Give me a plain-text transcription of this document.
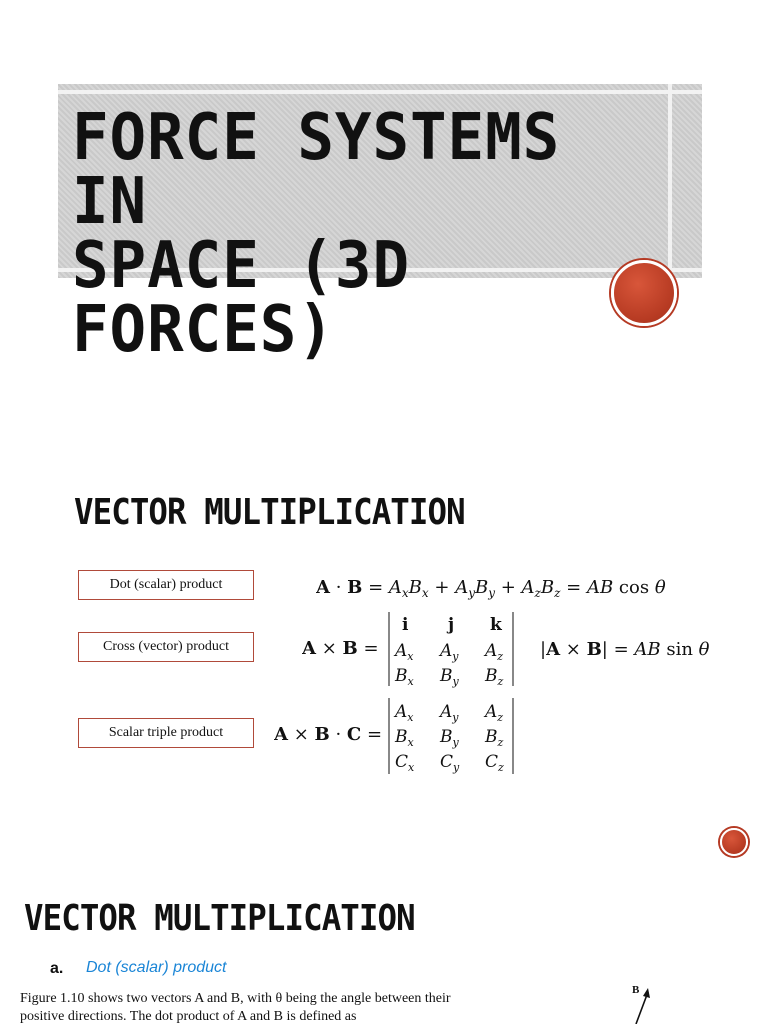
FORCE SYSTEMS IN
SPACE (3D FORCES)
VECTOR MULTIPLICATION
Dot (scalar) product	$A \cdot B = A_xB_x + A_yB_y + A_zB_z$ = AB cos θ
Cross (vector) product	A × B =
i j k
$A_x$ $A_y$ $A_z$
$B_x$ $B_y$ $B_z$
|A × B| = AB sin θ
Scalar triple product	A × B · C =
$A_x$ $A_y$ $A_z$
$B_x$ $B_y$ $B_z$
$C_x$ $C_y$ $C_z$
VECTOR MULTIPLICATION
a. Dot (scalar) product
Figure 1.10 shows two vectors A and B, with θ being the angle between their
positive directions. The dot product of A and B is defined as
B
